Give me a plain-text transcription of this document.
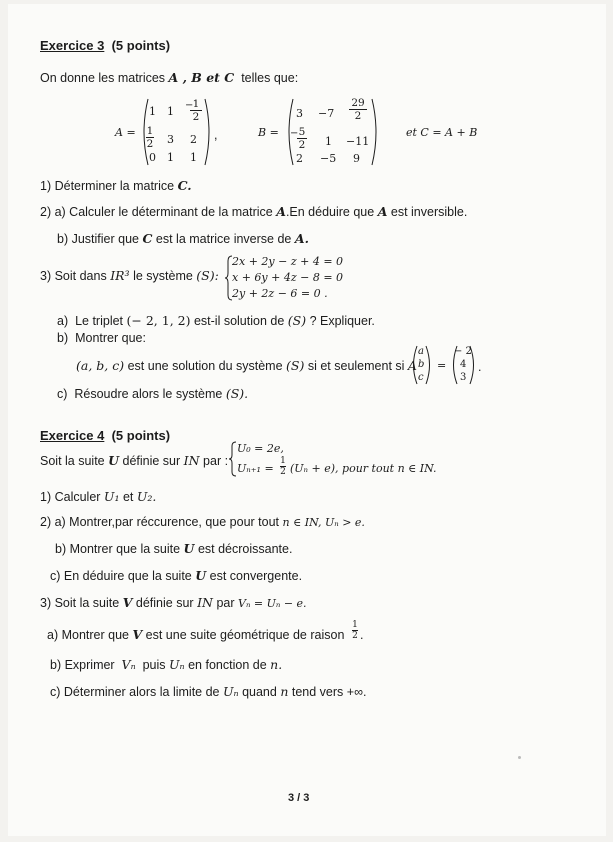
Exercice 3 (5 points)
On donne les matrices A , B et C telles que:
A =
1 1 − 1
2
1
2 3 2
0 1 1
,	B =
3 −7
29
2
− 5
2 1 −11
2 −5 9
et C = A + B
1) Déterminer la matrice C.
2) a) Calculer le déterminant de la matrice A.En déduire que A est inversible.
b) Justifier que C est la matrice inverse de A.
3) Soit dans IR³ le système (S):
2x + 2y − z + 4 = 0
x + 6y + 4z − 8 = 0
2y + 2z − 6 = 0 .
a) Le triplet (− 2, 1, 2) est-il solution de (S) ? Expliquer.
b) Montrer que:
(a, b, c) est une solution du système (S) si et seulement si A
a
b
c
=
− 2
4
3
.
c) Résoudre alors le système (S).
Exercice 4 (5 points)
Soit la suite U définie sur IN par :
U₀ = 2e,
Uₙ₊₁ =
1
2 (Uₙ + e), pour tout n ∈ IN.
1) Calculer U₁ et U₂.
2) a) Montrer,par réccurence, que pour tout n ∈ IN, Uₙ > e.
b) Montrer que la suite U est décroissante.
c) En déduire que la suite U est convergente.
3) Soit la suite V définie sur IN par Vₙ = Uₙ − e.
a) Montrer que V est une suite géométrique de raison
1
2 .
b) Exprimer Vₙ puis Uₙ en fonction de n.
c) Déterminer alors la limite de Uₙ quand n tend vers +∞.
3 / 3
